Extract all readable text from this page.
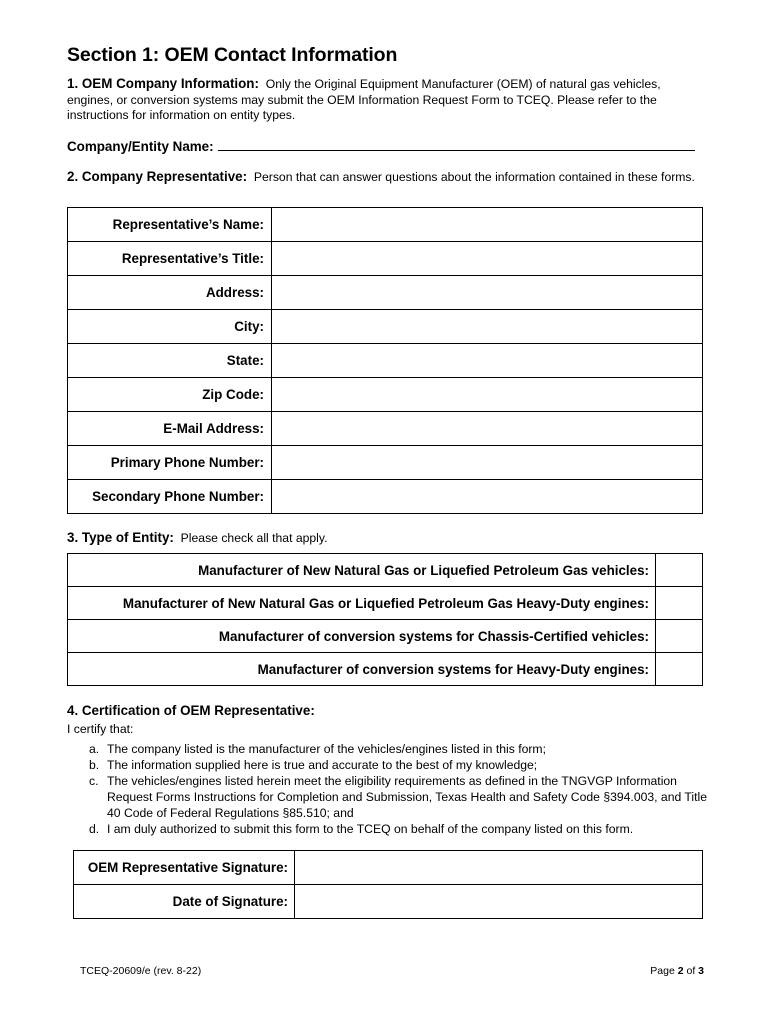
Section 1: OEM Contact Information
1. OEM Company Information: Only the Original Equipment Manufacturer (OEM) of natural gas vehicles, engines, or conversion systems may submit the OEM Information Request Form to TCEQ. Please refer to the instructions for information on entity types.
Company/Entity Name:
2. Company Representative: Person that can answer questions about the information contained in these forms.
Representative’s Name:	
Representative’s Title:	
Address:	
City:	
State:	
Zip Code:	
E-Mail Address:	
Primary Phone Number:	
Secondary Phone Number:	
3. Type of Entity: Please check all that apply.
Manufacturer of New Natural Gas or Liquefied Petroleum Gas vehicles:	
Manufacturer of New Natural Gas or Liquefied Petroleum Gas Heavy-Duty engines:	
Manufacturer of conversion systems for Chassis-Certified vehicles:	
Manufacturer of conversion systems for Heavy-Duty engines:	
4. Certification of OEM Representative:
I certify that:
a. The company listed is the manufacturer of the vehicles/engines listed in this form;
b. The information supplied here is true and accurate to the best of my knowledge;
c. The vehicles/engines listed herein meet the eligibility requirements as defined in the TNGVGP Information Request Forms Instructions for Completion and Submission, Texas Health and Safety Code §394.003, and Title 40 Code of Federal Regulations §85.510; and
d. I am duly authorized to submit this form to the TCEQ on behalf of the company listed on this form.
OEM Representative Signature:	
Date of Signature:	
TCEQ-20609/e (rev. 8-22)	Page 2 of 3
